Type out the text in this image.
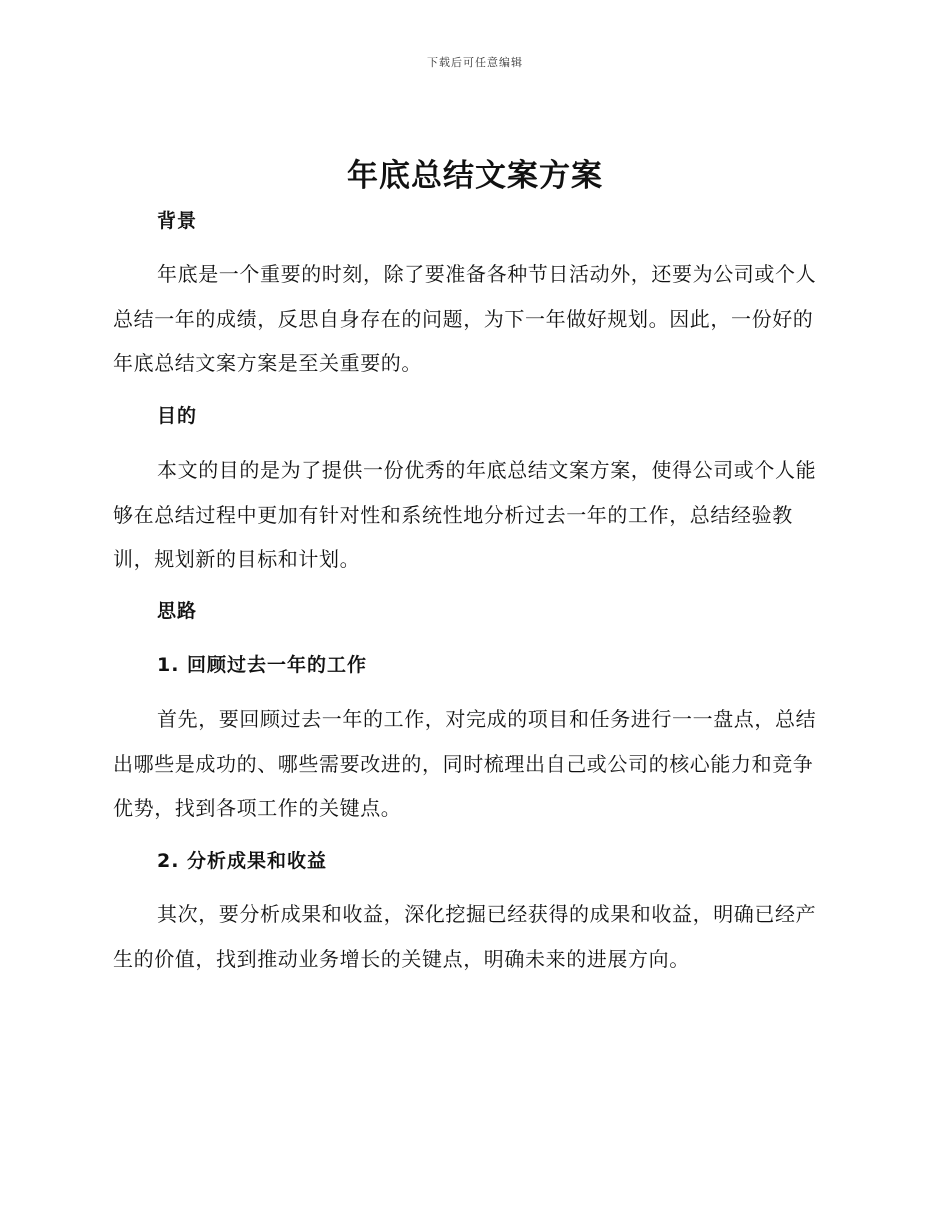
下载后可任意编辑
年底总结文案方案
背景

年底是一个重要的时刻，除了要准备各种节日活动外，还要为公司或个人总结一年的成绩，反思自身存在的问题，为下一年做好规划。因此，一份好的年底总结文案方案是至关重要的。

目的

本文的目的是为了提供一份优秀的年底总结文案方案，使得公司或个人能够在总结过程中更加有针对性和系统性地分析过去一年的工作，总结经验教训，规划新的目标和计划。

思路
1. 回顾过去一年的工作

首先，要回顾过去一年的工作，对完成的项目和任务进行一一盘点，总结出哪些是成功的、哪些需要改进的，同时梳理出自己或公司的核心能力和竞争优势，找到各项工作的关键点。

2. 分析成果和收益

其次，要分析成果和收益，深化挖掘已经获得的成果和收益，明确已经产生的价值，找到推动业务增长的关键点，明确未来的进展方向。
